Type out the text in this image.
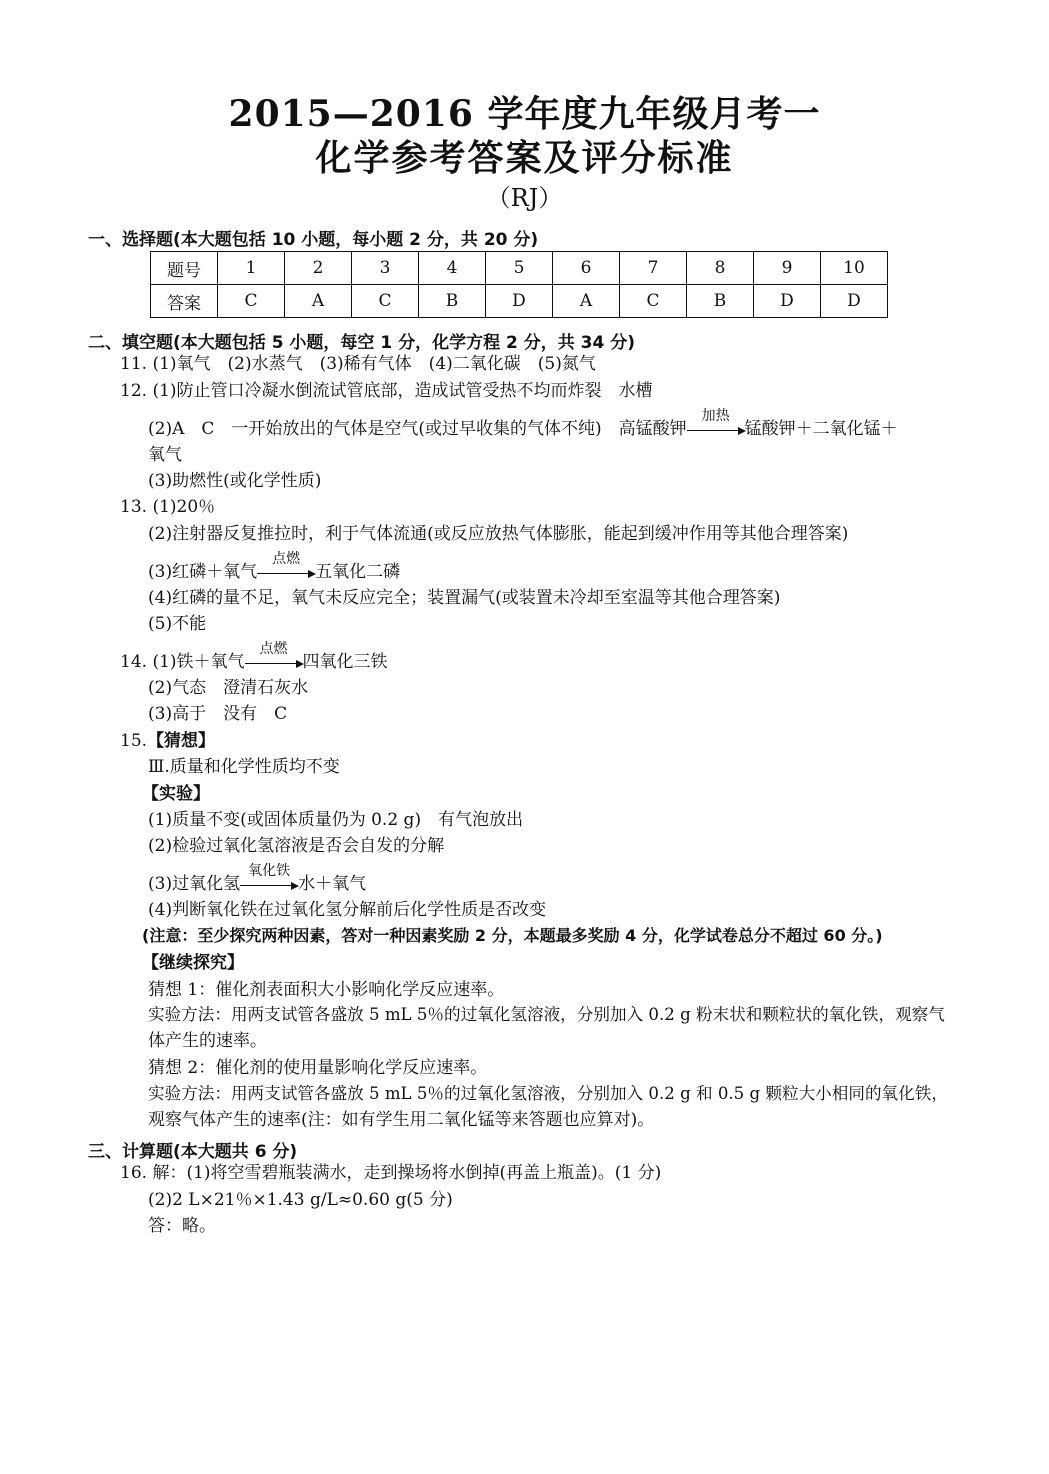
2015—2016 学年度九年级月考一
化学参考答案及评分标准
（RJ）
一、选择题(本大题包括 10 小题，每小题 2 分，共 20 分)
题号	1	2	3	4	5	6	7	8	9	10
答案	C	A	C	B	D	A	C	B	D	D
二、填空题(本大题包括 5 小题，每空 1 分，化学方程 2 分，共 34 分)
11. (1)氧气　(2)水蒸气　(3)稀有气体　(4)二氧化碳　(5)氮气
12. (1)防止管口冷凝水倒流试管底部，造成试管受热不均而炸裂　水槽
(2)A　C　一开始放出的气体是空气(或过早收集的气体不纯)　高锰酸钾
加热
锰酸钾＋二氧化锰＋
氧气
(3)助燃性(或化学性质)
13. (1)20％
(2)注射器反复推拉时，利于气体流通(或反应放热气体膨胀，能起到缓冲作用等其他合理答案)
(3)红磷＋氧气
点燃
五氧化二磷
(4)红磷的量不足，氧气未反应完全；装置漏气(或装置未冷却至室温等其他合理答案)
(5)不能
14. (1)铁＋氧气
点燃
四氧化三铁
(2)气态　澄清石灰水
(3)高于　没有　C
15.【猜想】
Ⅲ.质量和化学性质均不变
【实验】
(1)质量不变(或固体质量仍为 0.2 g)　有气泡放出
(2)检验过氧化氢溶液是否会自发的分解
(3)过氧化氢
氧化铁
水＋氧气
(4)判断氧化铁在过氧化氢分解前后化学性质是否改变
(注意：至少探究两种因素，答对一种因素奖励 2 分，本题最多奖励 4 分，化学试卷总分不超过 60 分。)
【继续探究】
猜想 1：催化剂表面积大小影响化学反应速率。
实验方法：用两支试管各盛放 5 mL 5％的过氧化氢溶液，分别加入 0.2 g 粉末状和颗粒状的氧化铁，观察气
体产生的速率。
猜想 2：催化剂的使用量影响化学反应速率。
实验方法：用两支试管各盛放 5 mL 5％的过氧化氢溶液，分别加入 0.2 g 和 0.5 g 颗粒大小相同的氧化铁，
观察气体产生的速率(注：如有学生用二氧化锰等来答题也应算对)。
三、计算题(本大题共 6 分)
16. 解：(1)将空雪碧瓶装满水，走到操场将水倒掉(再盖上瓶盖)。(1 分)
(2)2 L×21％×1.43 g/L≈0.60 g(5 分)
答：略。
